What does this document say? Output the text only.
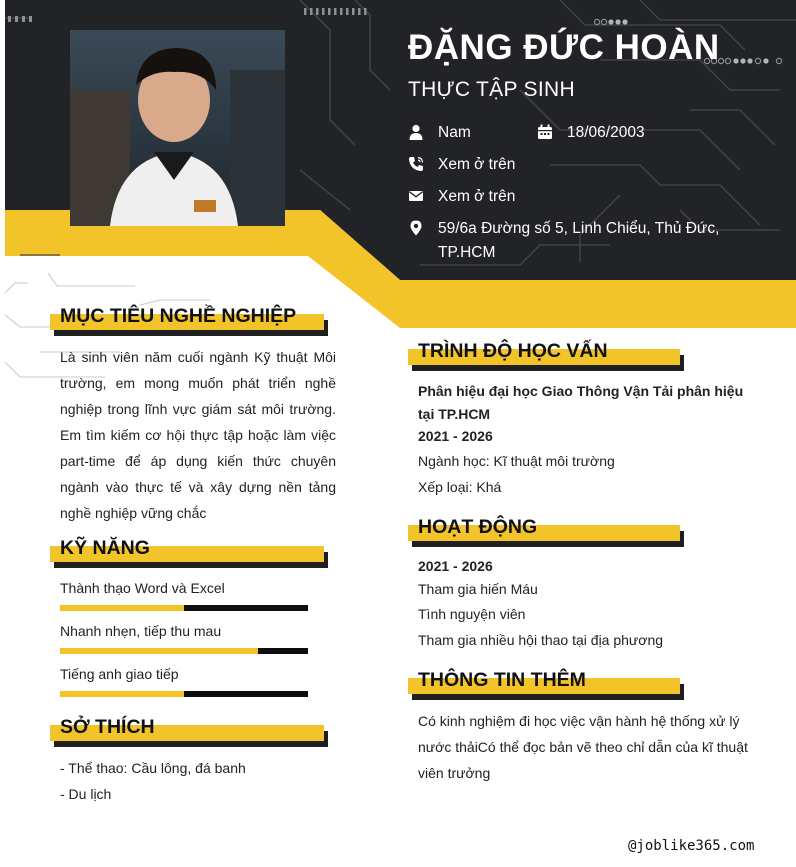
ĐẶNG ĐỨC HOÀN
THỰC TẬP SINH
Nam	18/06/2003
Xem ở trên
Xem ở trên
59/6a Đường số 5, Linh Chiểu, Thủ Đức, TP.HCM
MỤC TIÊU NGHỀ NGHIỆP
Là sinh viên năm cuối ngành Kỹ thuật Môi trường, em mong muốn phát triển nghề nghiệp trong lĩnh vực giám sát môi trường. Em tìm kiếm cơ hội thực tập hoặc làm việc part-time để áp dụng kiến thức chuyên ngành vào thực tế và xây dựng nền tảng nghề nghiệp vững chắc
KỸ NĂNG
Thành thạo Word và Excel
Nhanh nhẹn, tiếp thu mau
Tiếng anh giao tiếp
SỞ THÍCH
- Thể thao: Cầu lông, đá banh
- Du lịch
TRÌNH ĐỘ HỌC VẤN
Phân hiệu đại học Giao Thông Vận Tải phân hiệu tại TP.HCM
2021 - 2026
Ngành học: Kĩ thuật môi trường
Xếp loại: Khá
HOẠT ĐỘNG
2021 - 2026
Tham gia hiến Máu
Tình nguyện viên
Tham gia nhiều hội thao tại địa phương
THÔNG TIN THÊM
Có kinh nghiệm đi học việc vận hành hệ thống xử lý nước thảiCó thể đọc bản vẽ theo chỉ dẫn của kĩ thuật viên trưởng
@joblike365.com
